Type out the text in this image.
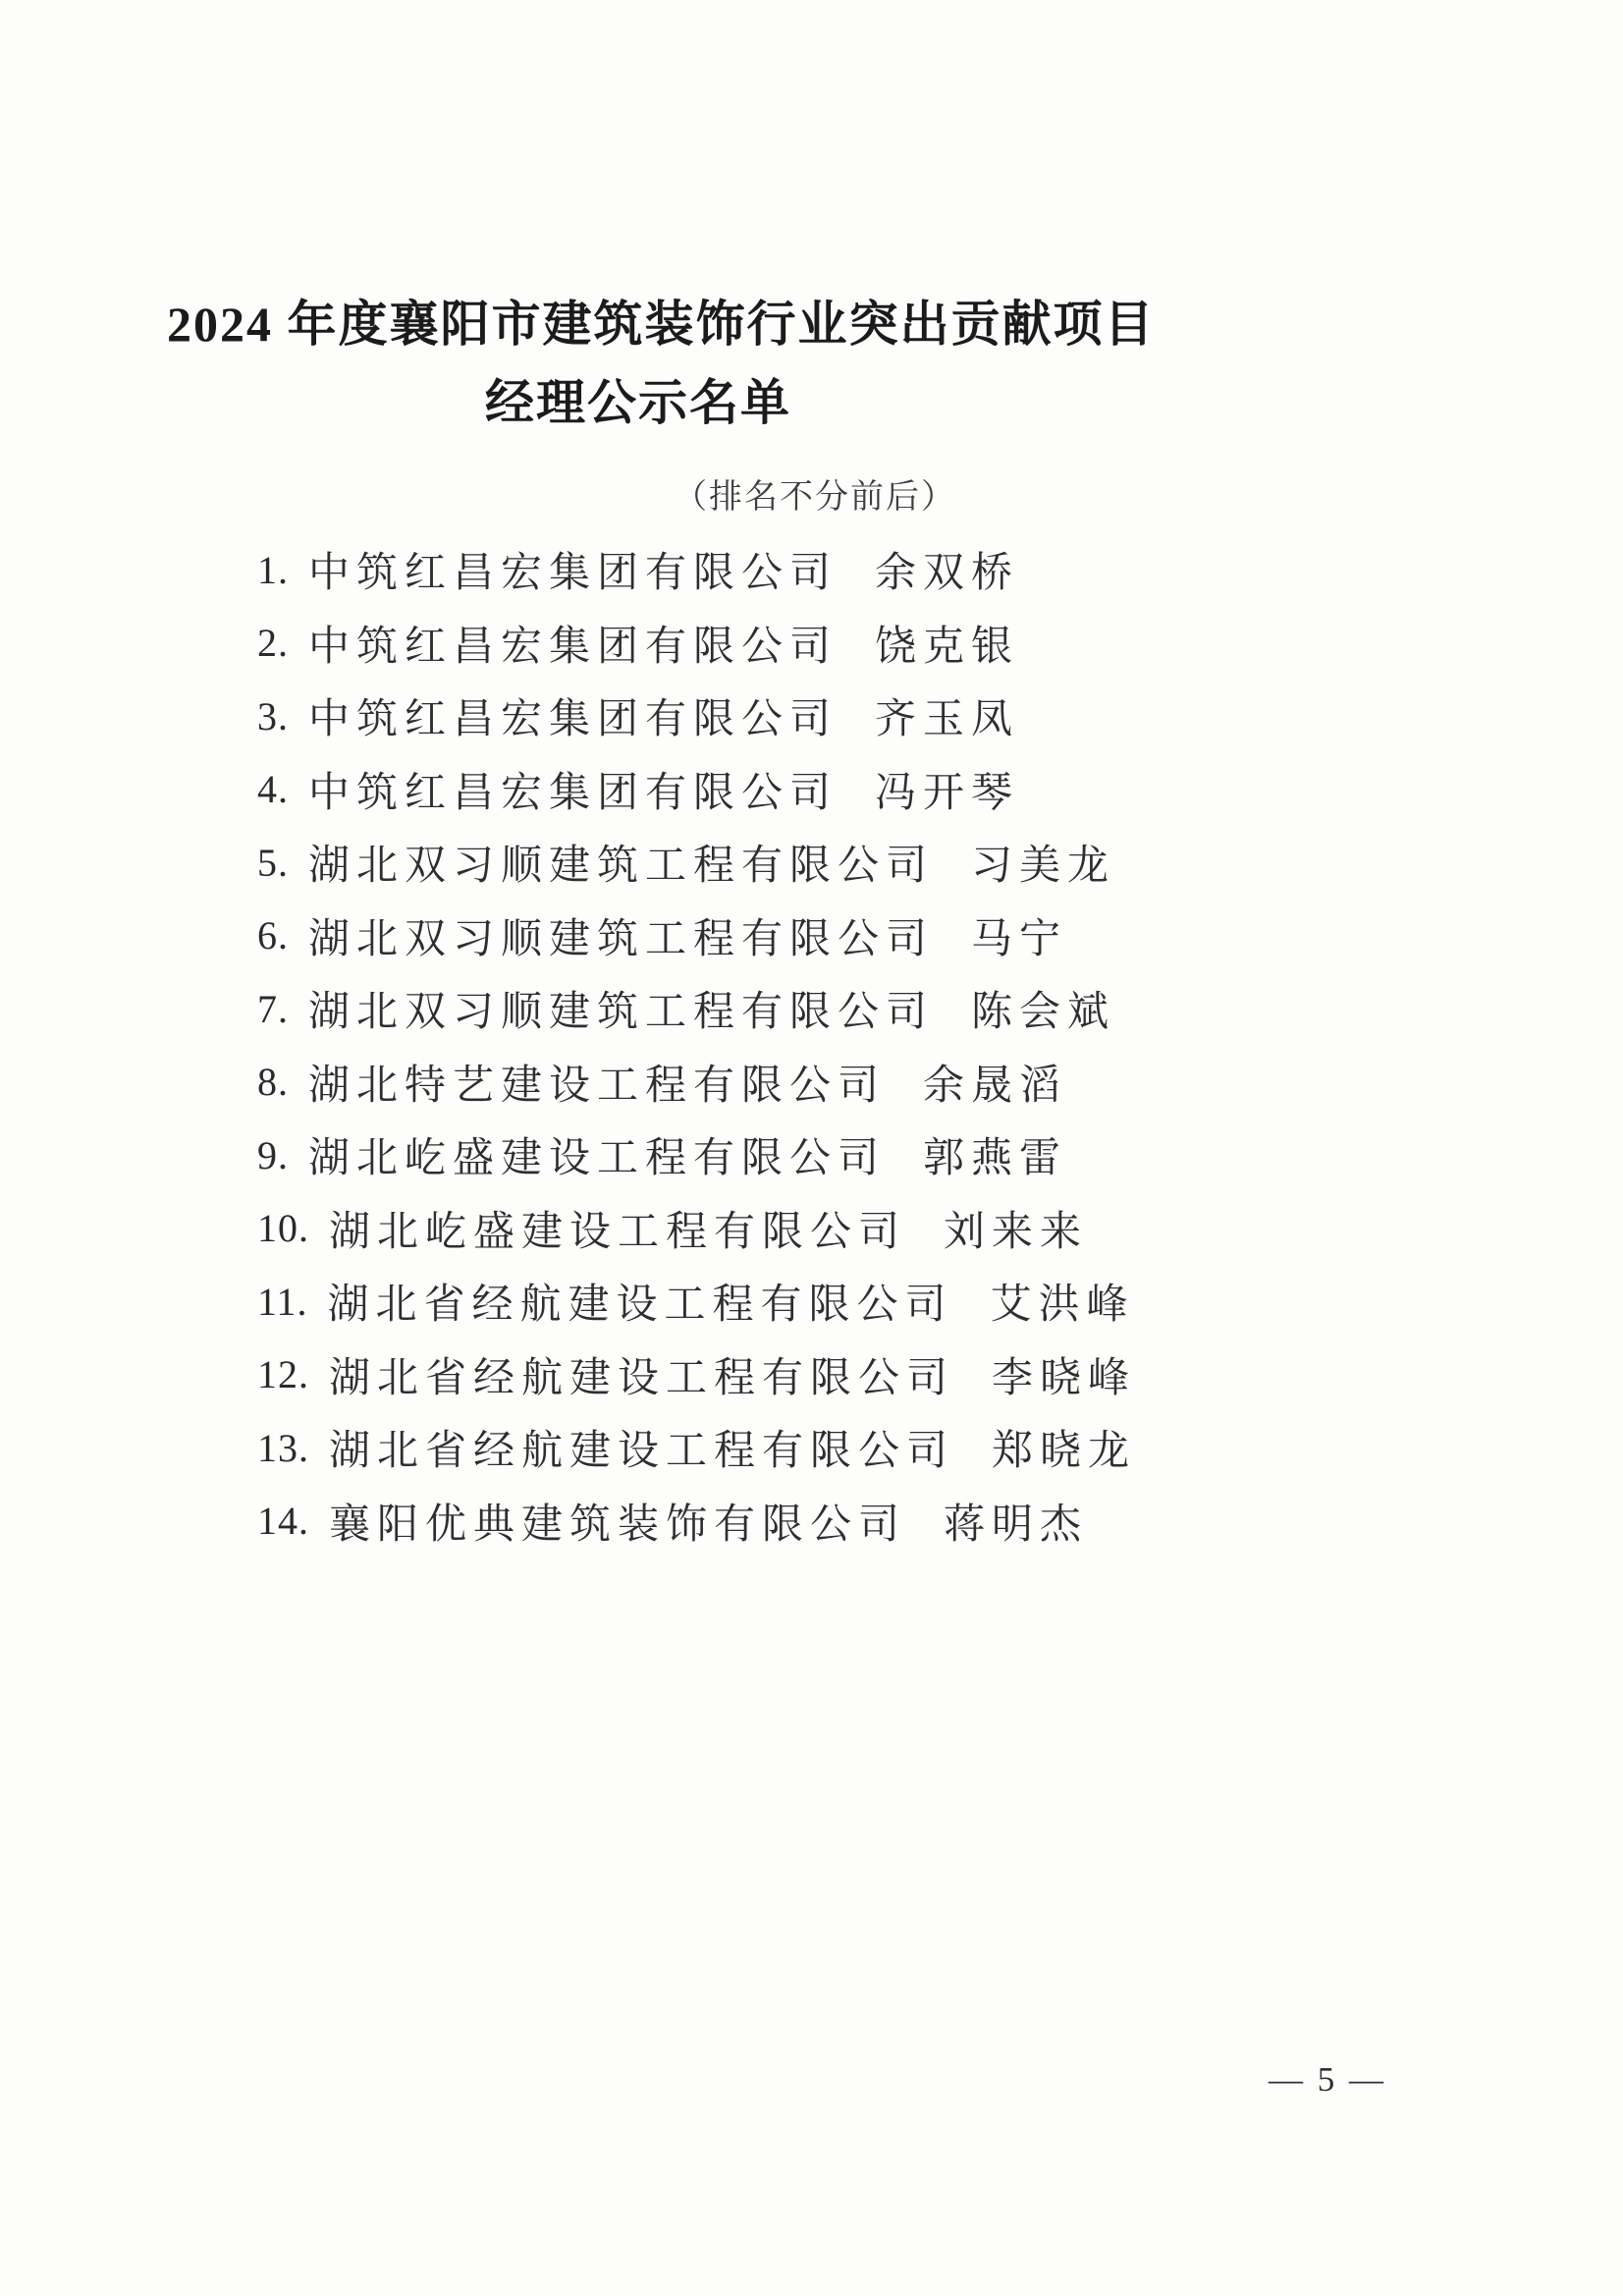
2024 年度襄阳市建筑装饰行业突出贡献项目
经理公示名单
（排名不分前后）
1. 中筑红昌宏集团有限公司 余双桥
2. 中筑红昌宏集团有限公司 饶克银
3. 中筑红昌宏集团有限公司 齐玉凤
4. 中筑红昌宏集团有限公司 冯开琴
5. 湖北双习顺建筑工程有限公司 习美龙
6. 湖北双习顺建筑工程有限公司 马宁
7. 湖北双习顺建筑工程有限公司 陈会斌
8. 湖北特艺建设工程有限公司 余晟滔
9. 湖北屹盛建设工程有限公司 郭燕雷
10. 湖北屹盛建设工程有限公司 刘来来
11. 湖北省经航建设工程有限公司 艾洪峰
12. 湖北省经航建设工程有限公司 李晓峰
13. 湖北省经航建设工程有限公司 郑晓龙
14. 襄阳优典建筑装饰有限公司 蒋明杰
— 5 —
